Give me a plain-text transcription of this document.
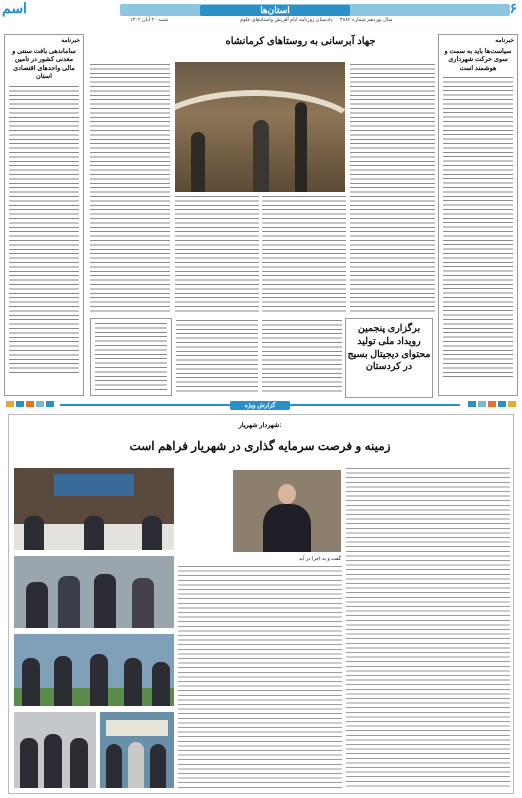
اسم‌	استان‌ها	۶
شنبه ۲۰ آبان ۱۴۰۲	دادستان روزنامه ایام آفریش واستادهای علوم سال نوزدهم شماره ۴۸۸۲
خبرنامه
سیاست‌ها باید به سمت و سوی حرکت شهرداری هوشمند است
خبرنامه
ساماندهی بافت سنتی و معدنی کشور در تامین مالی واحدهای اقتصادی استان
جهاد آبرسانی به روستاهای کرمانشاه
برگزاری پنجمین
رویداد ملی تولید
محتوای دیجیتال بسیج
در کردستان
گزارش ویژه
شهردار شهریار:
زمینه و فرصت سرمایه گذاری در شهریار فراهم است
گفت و به اجرا در آید
